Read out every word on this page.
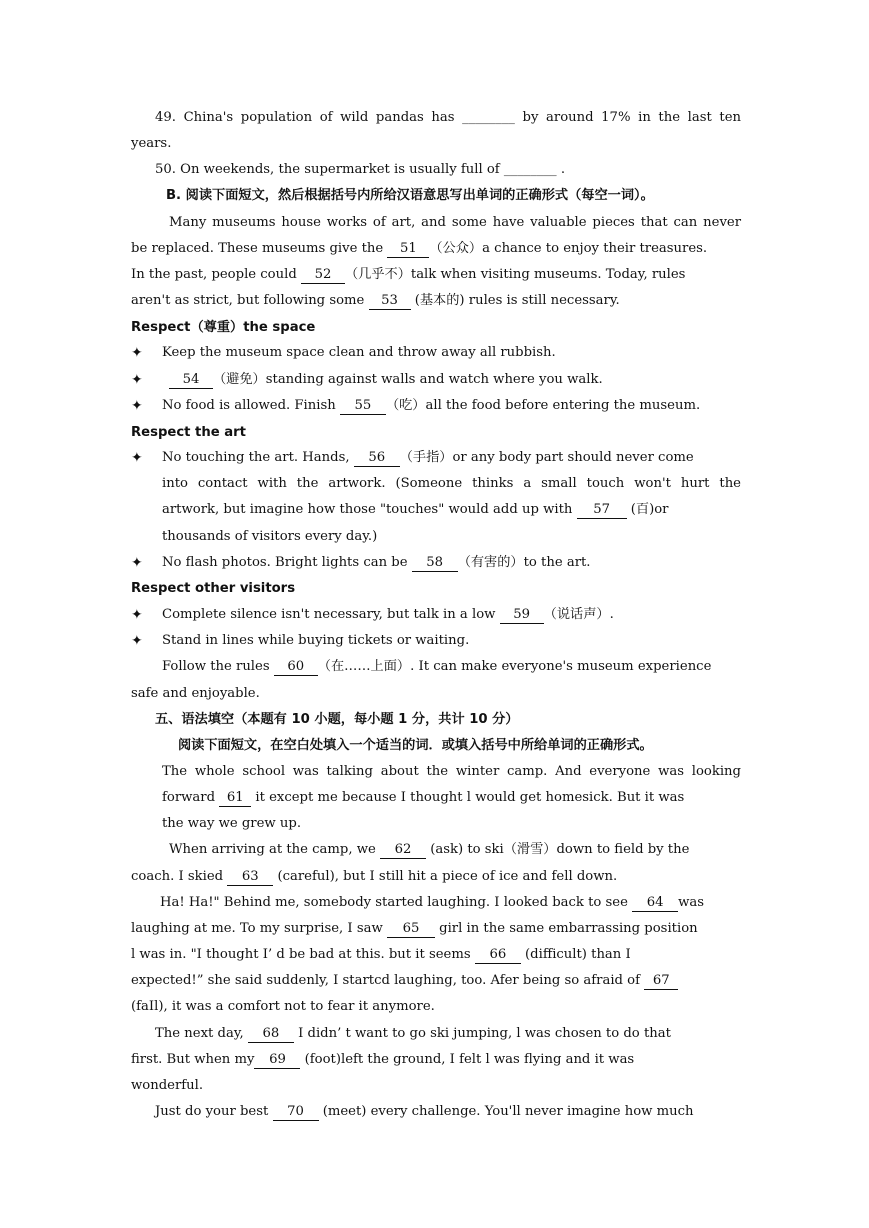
49. China's population of wild pandas has ________ by around 17% in the last ten
years.
50. On weekends, the supermarket is usually full of ________ .
B. 阅读下面短文，然后根据括号内所给汉语意思写出单词的正确形式（每空一词）。
Many museums house works of art, and some have valuable pieces that can never
be replaced. These museums give the 51 （公众）a chance to enjoy their treasures.
In the past, people could 52 （几乎不）talk when visiting museums. Today, rules
aren't as strict, but following some 53 (基本的) rules is still necessary.
Respect（尊重）the space
✦ Keep the museum space clean and throw away all rubbish.
✦	54 （避免）standing against walls and watch where you walk.
✦ No food is allowed. Finish 55 （吃）all the food before entering the museum.
Respect the art
✦ No touching the art. Hands, 56 （手指）or any body part should never come
into contact with the artwork. (Someone thinks a small touch won't hurt the
artwork, but imagine how those "touches" would add up with 57 (百)or
thousands of visitors every day.)
✦ No flash photos. Bright lights can be 58 （有害的）to the art.
Respect other visitors
✦ Complete silence isn't necessary, but talk in a low 59 （说话声）.
✦ Stand in lines while buying tickets or waiting.
Follow the rules 60 （在……上面）. It can make everyone's museum experience
safe and enjoyable.
五、语法填空（本题有 10 小题，每小题 1 分，共计 10 分）
阅读下面短文，在空白处填入一个适当的词．或填入括号中所给单词的正确形式。
The whole school was talking about the winter camp. And everyone was looking
forward 61 it except me because I thought l would get homesick. But it was
the way we grew up.
When arriving at the camp, we 62 (ask) to ski（滑雪）down to field by the
coach. I skied 63 (careful), but I still hit a piece of ice and fell down.
Ha! Ha!" Behind me, somebody started laughing. I looked back to see 64 was
laughing at me. To my surprise, I saw 65 girl in the same embarrassing position
l was in. "I thought I’ d be bad at this. but it seems 66 (difficult) than I
expected!” she said suddenly, I startcd laughing, too. Afer being so afraid of 67
(faIl), it was a comfort not to fear it anymore.
The next day, 68 I didn’ t want to go ski jumping, l was chosen to do that
first. But when my 69 (foot)left the ground, I felt l was flying and it was
wonderful.
Just do your best 70 (meet) every challenge. You'll never imagine how much
